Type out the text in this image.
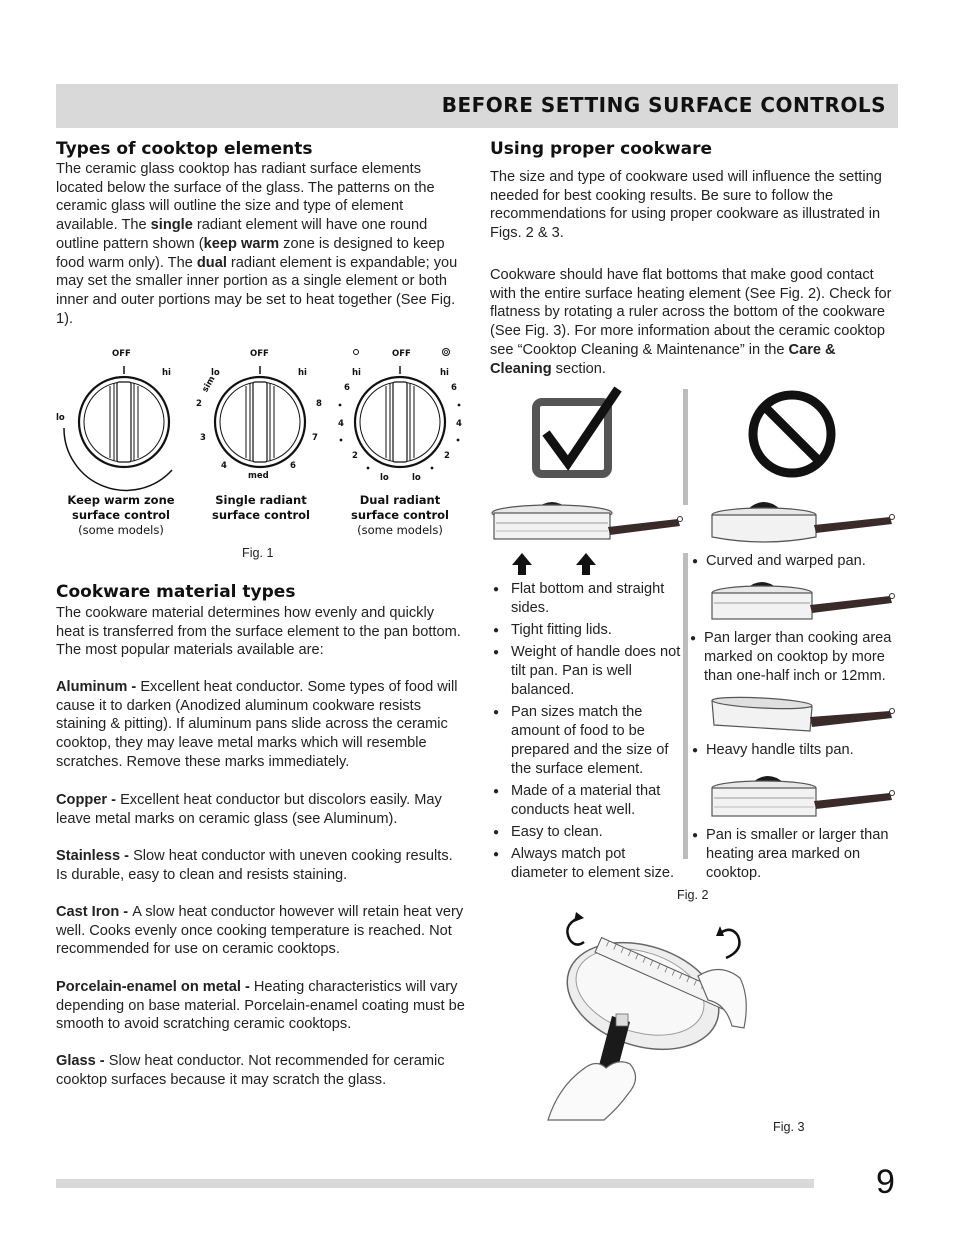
BEFORE SETTING SURFACE CONTROLS
Types of cooktop elements
The ceramic glass cooktop has radiant surface elements located below the surface of the glass. The patterns on the ceramic glass will outline the size and type of element available. The single radiant element will have one round outline pattern shown (keep warm zone is designed to keep food warm only). The dual radiant element is expandable; you may set the smaller inner portion as a single element or both inner and outer portions may be set to heat together (See Fig. 1).
OFF
hi
lo
OFF
lo	hi
sim
2
3
4
med
6
7
8
OFF
hi	hi
6
4
2
lo	lo
6
4
2
Keep warm zone
surface control
(some models)
Single radiant
surface control
Dual radiant
surface control
(some models)
Fig. 1
Cookware material types
The cookware material determines how evenly and quickly heat is transferred from the surface element to the pan bottom. The most popular materials available are:
Aluminum - Excellent heat conductor. Some types of food will cause it to darken (Anodized aluminum cookware resists staining & pitting). If aluminum pans slide across the ceramic cooktop, they may leave metal marks which will resemble scratches. Remove these marks immediately.
Copper - Excellent heat conductor but discolors easily. May leave metal marks on ceramic glass (see Aluminum).
Stainless - Slow heat conductor with uneven cooking results. Is durable, easy to clean and resists staining.
Cast Iron - A slow heat conductor however will retain heat very well. Cooks evenly once cooking temperature is reached. Not recommended for use on ceramic cooktops.
Porcelain-enamel on metal - Heating characteristics will vary depending on base material. Porcelain-enamel coating must be smooth to avoid scratching ceramic cooktops.
Glass - Slow heat conductor. Not recommended for ceramic cooktop surfaces because it may scratch the glass.
Using proper cookware
The size and type of cookware used will influence the setting needed for best cooking results. Be sure to follow the recommendations for using proper cookware as illustrated in Figs. 2 & 3.
Cookware should have flat bottoms that make good contact with the entire surface heating element (See Fig. 2). Check for flatness by rotating a ruler across the bottom of the cookware (See Fig. 3). For more information about the ceramic cooktop see “Cooktop Cleaning & Maintenance” in the Care & Cleaning section.
● Flat bottom and straight sides.
● Tight fitting lids.
● Weight of handle does not tilt pan. Pan is well balanced.
● Pan sizes match the amount of food to be prepared and the size of the surface element.
● Made of a material that conducts heat well.
● Easy to clean.
● Always match pot diameter to element size.
● Curved and warped pan.
● Pan larger than cooking area marked on cooktop by more than one-half inch or 12mm.
● Heavy handle tilts pan.
● Pan is smaller or larger than heating area marked on cooktop.
Fig. 2
Fig. 3
9
